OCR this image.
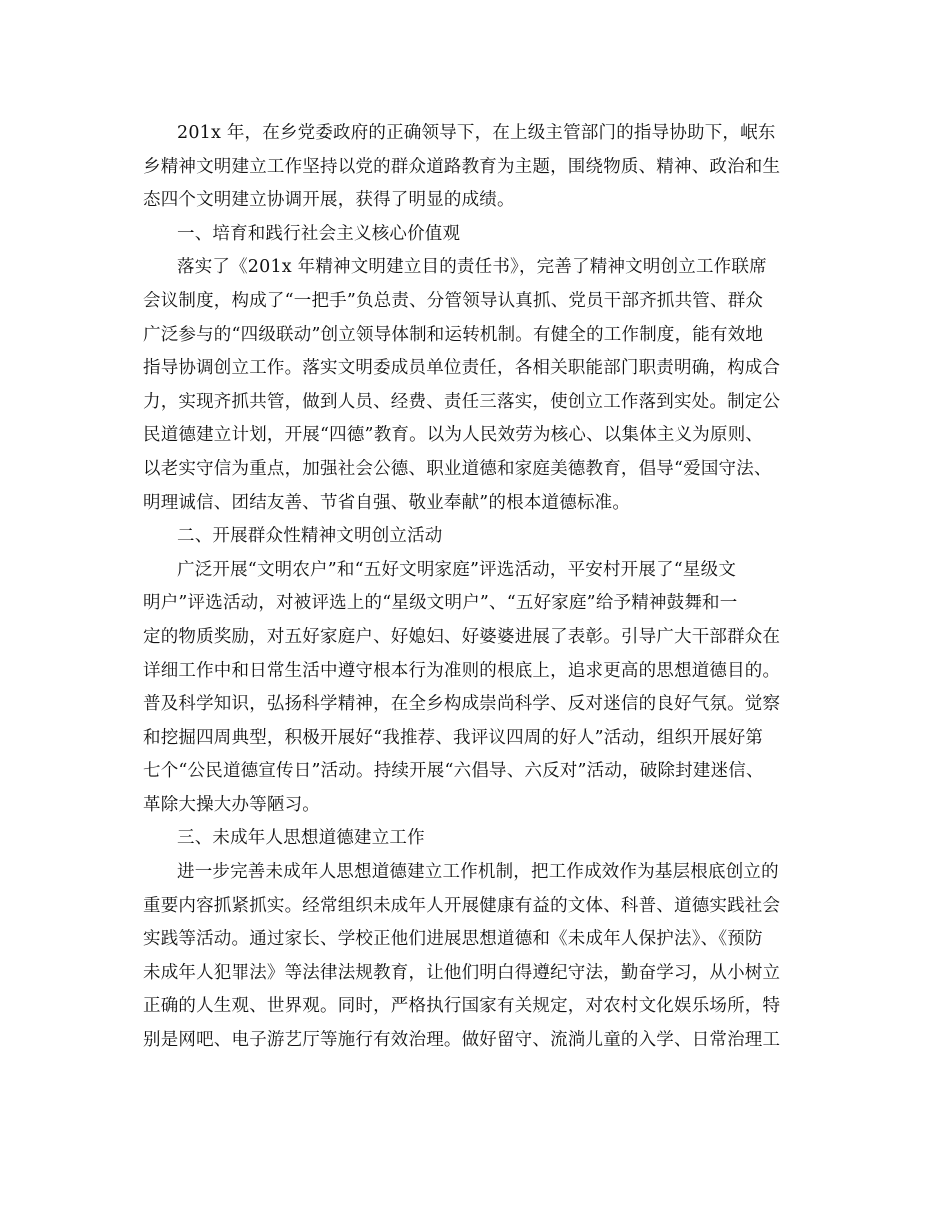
201x 年，在乡党委政府的正确领导下，在上级主管部门的指导协助下，岷东
乡精神文明建立工作坚持以党的群众道路教育为主题，围绕物质、精神、政治和生
态四个文明建立协调开展，获得了明显的成绩。
一、培育和践行社会主义核心价值观
落实了《201x 年精神文明建立目的责任书》，完善了精神文明创立工作联席
会议制度，构成了“一把手”负总责、分管领导认真抓、党员干部齐抓共管、群众
广泛参与的“四级联动”创立领导体制和运转机制。有健全的工作制度，能有效地
指导协调创立工作。落实文明委成员单位责任，各相关职能部门职责明确，构成合
力，实现齐抓共管，做到人员、经费、责任三落实，使创立工作落到实处。制定公
民道德建立计划，开展“四德”教育。以为人民效劳为核心、以集体主义为原则、
以老实守信为重点，加强社会公德、职业道德和家庭美德教育，倡导“爱国守法、
明理诚信、团结友善、节省自强、敬业奉献”的根本道德标准。
二、开展群众性精神文明创立活动
广泛开展“文明农户”和“五好文明家庭”评选活动，平安村开展了“星级文
明户”评选活动，对被评选上的“星级文明户”、“五好家庭”给予精神鼓舞和一
定的物质奖励，对五好家庭户、好媳妇、好婆婆进展了表彰。引导广大干部群众在
详细工作中和日常生活中遵守根本行为准则的根底上，追求更高的思想道德目的。
普及科学知识，弘扬科学精神，在全乡构成崇尚科学、反对迷信的良好气氛。觉察
和挖掘四周典型，积极开展好“我推荐、我评议四周的好人”活动，组织开展好第
七个“公民道德宣传日”活动。持续开展“六倡导、六反对”活动，破除封建迷信、
革除大操大办等陋习。
三、未成年人思想道德建立工作
进一步完善未成年人思想道德建立工作机制，把工作成效作为基层根底创立的
重要内容抓紧抓实。经常组织未成年人开展健康有益的文体、科普、道德实践社会
实践等活动。通过家长、学校正他们进展思想道德和《未成年人保护法》、《预防
未成年人犯罪法》等法律法规教育，让他们明白得遵纪守法，勤奋学习，从小树立
正确的人生观、世界观。同时，严格执行国家有关规定，对农村文化娱乐场所，特
别是网吧、电子游艺厅等施行有效治理。做好留守、流淌儿童的入学、日常治理工
